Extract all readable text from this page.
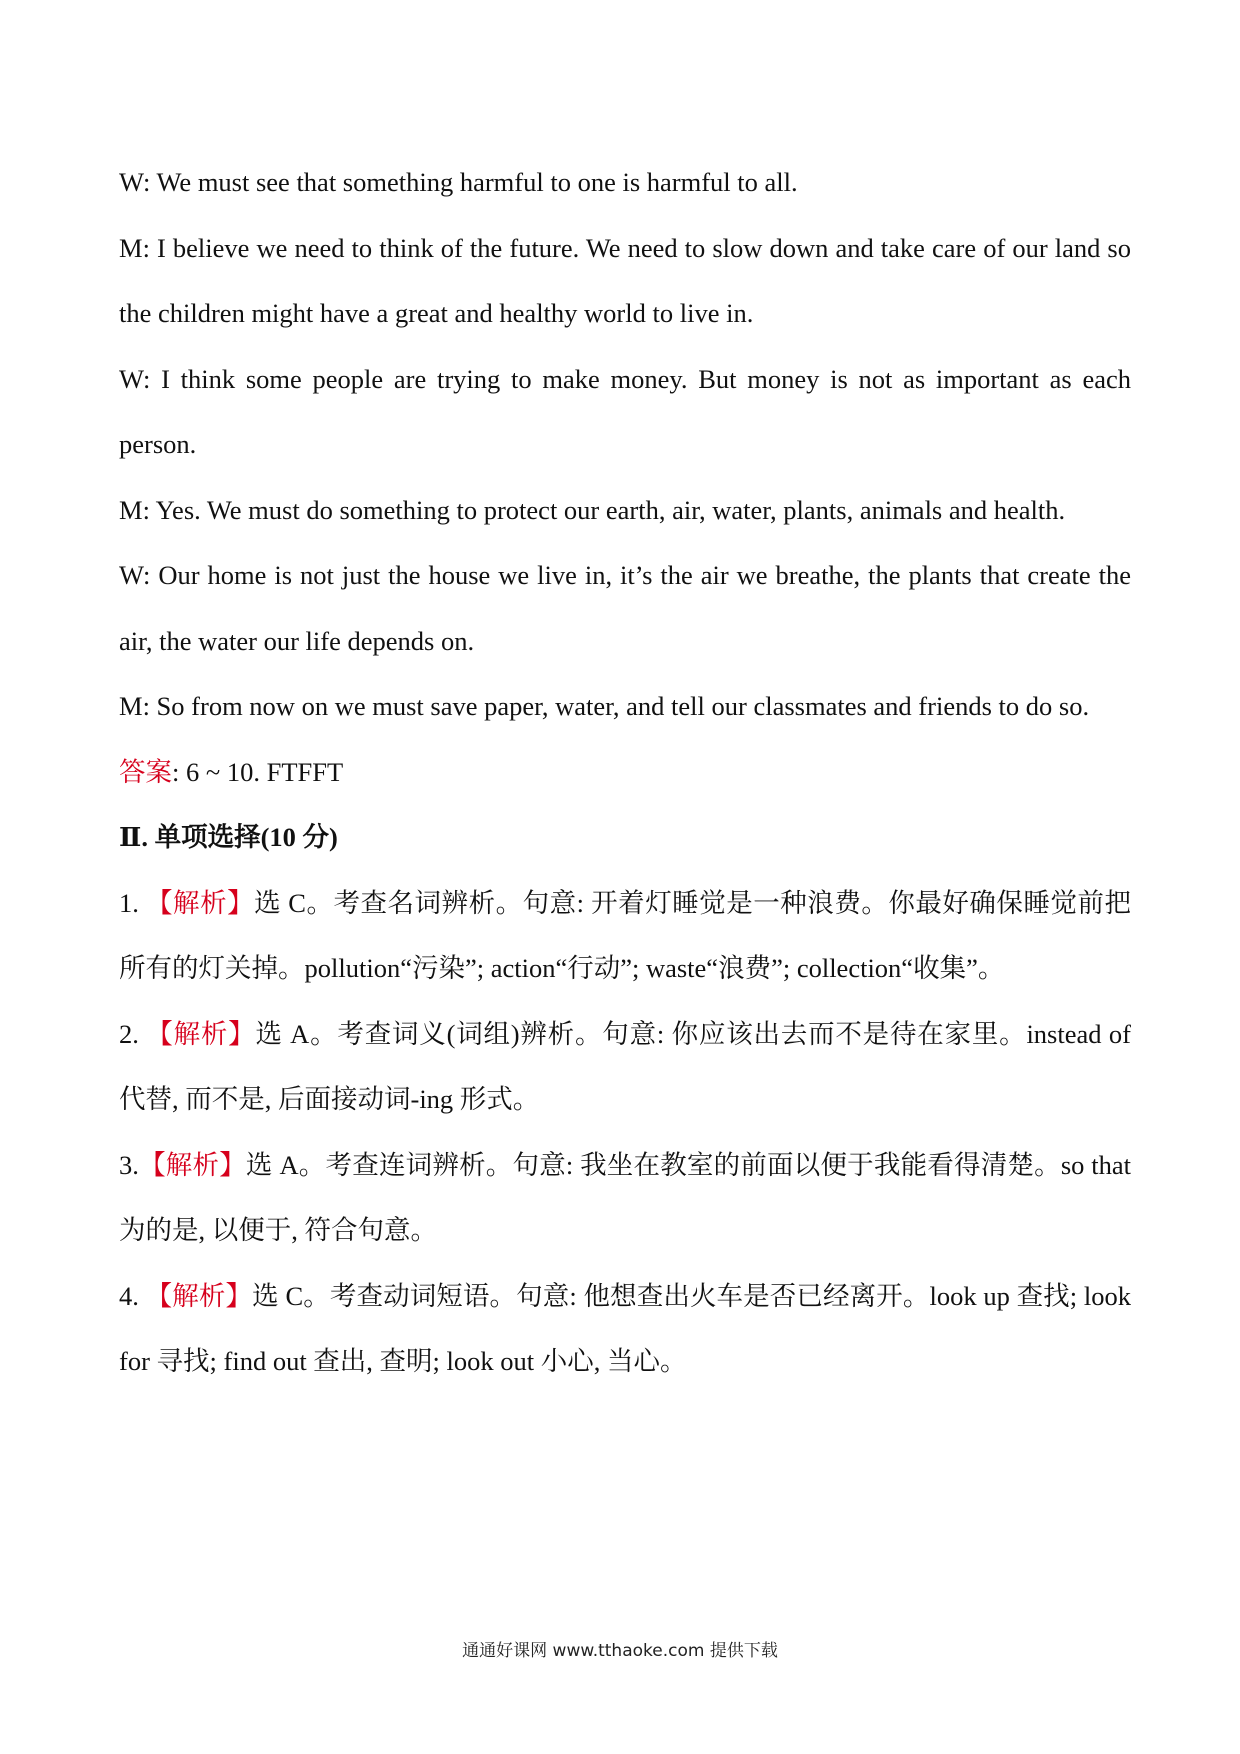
W: We must see that something harmful to one is harmful to all.

M: I believe we need to think of the future. We need to slow down and take care of our land so the children might have a great and healthy world to live in.

W: I think some people are trying to make money. But money is not as important as each person.

M: Yes. We must do something to protect our earth, air, water, plants, animals and health.

W: Our home is not just the house we live in, it’s the air we breathe, the plants that create the air, the water our life depends on.

M: So from now on we must save paper, water, and tell our classmates and friends to do so.

答案: 6 ~ 10. FTFFT

Ⅱ. 单项选择(10 分)

1. 【解析】选 C。考查名词辨析。句意: 开着灯睡觉是一种浪费。你最好确保睡觉前把所有的灯关掉。pollution“污染”; action“行动”; waste“浪费”; collection“收集”。

2. 【解析】选 A。考查词义(词组)辨析。句意: 你应该出去而不是待在家里。instead of 代替, 而不是, 后面接动词-ing 形式。

3.【解析】选 A。考查连词辨析。句意: 我坐在教室的前面以便于我能看得清楚。so that 为的是, 以便于, 符合句意。

4. 【解析】选 C。考查动词短语。句意: 他想查出火车是否已经离开。look up 查找; look for 寻找; find out 查出, 查明; look out 小心, 当心。

通通好课网 www.tthaoke.com 提供下载
